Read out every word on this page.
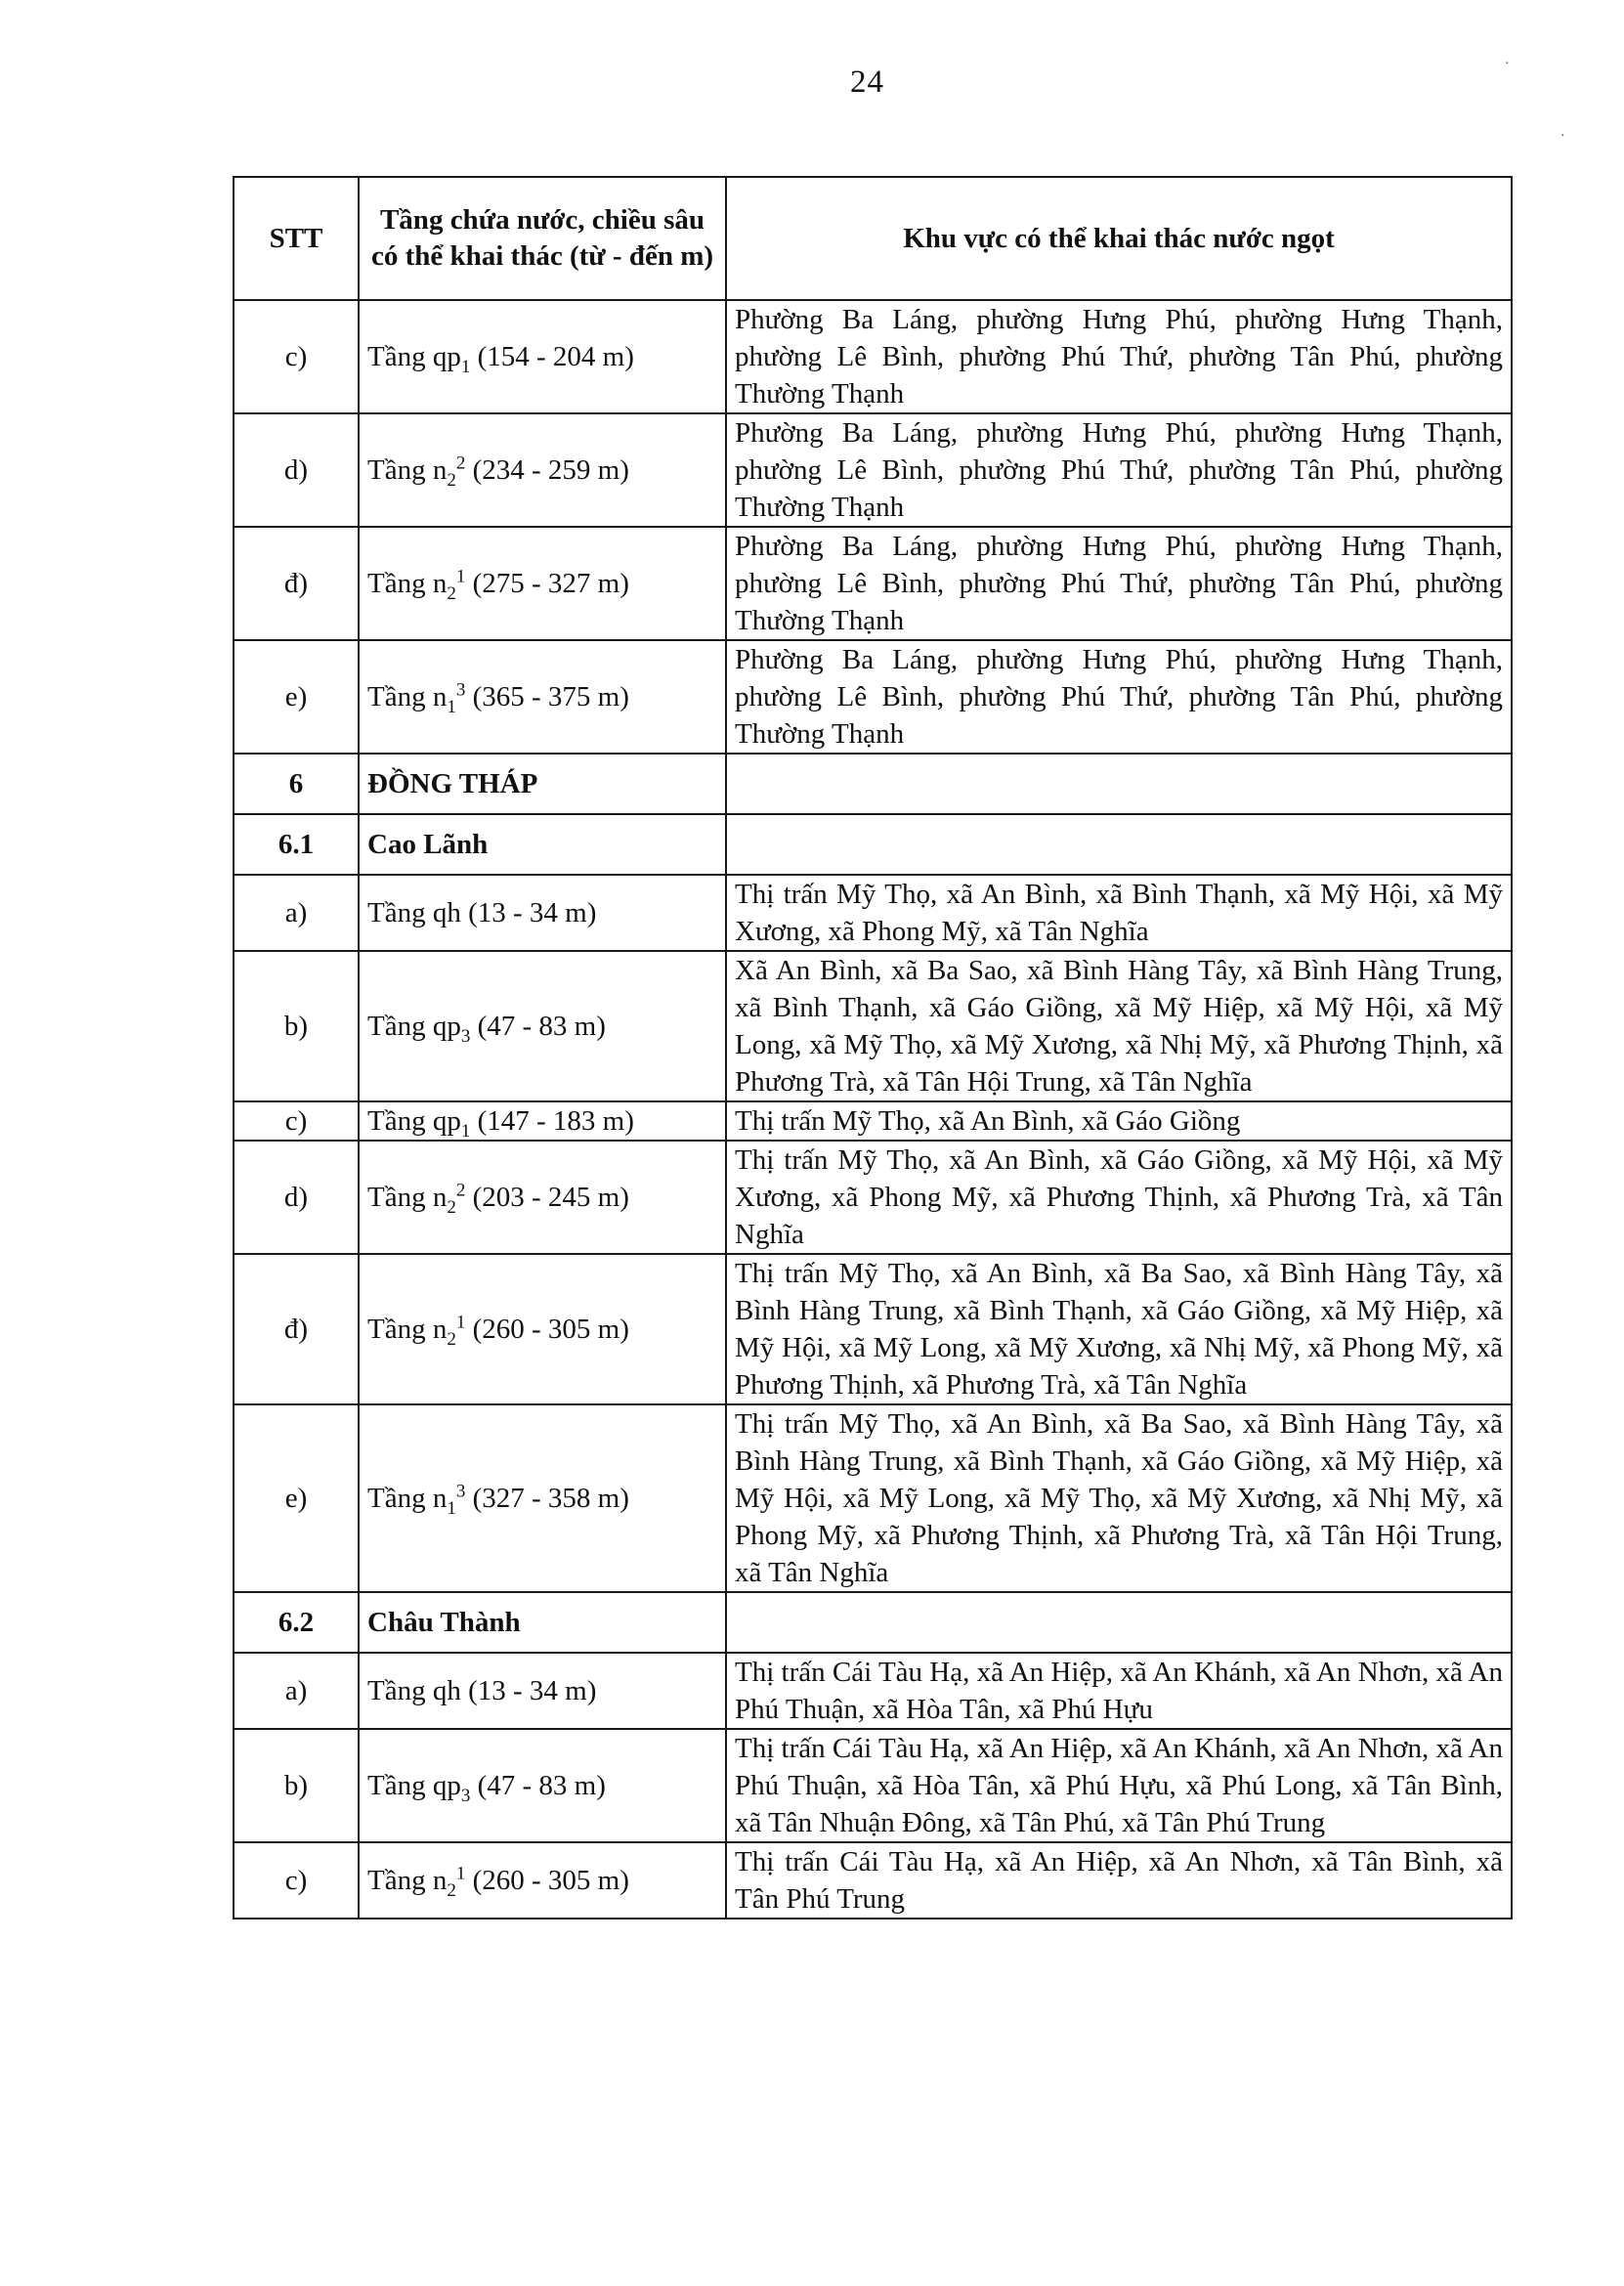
24
·
·
STT	Tầng chứa nước, chiều sâu có thể khai thác (từ - đến m)	Khu vực có thể khai thác nước ngọt
c)	Tầng $qp_1$ (154 - 204 m)	Phường Ba Láng, phường Hưng Phú, phường Hưng Thạnh, phường Lê Bình, phường Phú Thứ, phường Tân Phú, phường Thường Thạnh
d)	Tầng $n_2^2$ (234 - 259 m)	Phường Ba Láng, phường Hưng Phú, phường Hưng Thạnh, phường Lê Bình, phường Phú Thứ, phường Tân Phú, phường Thường Thạnh
đ)	Tầng $n_2^1$ (275 - 327 m)	Phường Ba Láng, phường Hưng Phú, phường Hưng Thạnh, phường Lê Bình, phường Phú Thứ, phường Tân Phú, phường Thường Thạnh
e)	Tầng $n_1^3$ (365 - 375 m)	Phường Ba Láng, phường Hưng Phú, phường Hưng Thạnh, phường Lê Bình, phường Phú Thứ, phường Tân Phú, phường Thường Thạnh
6	ĐỒNG THÁP	
6.1	Cao Lãnh	
a)	Tầng qh (13 - 34 m)	Thị trấn Mỹ Thọ, xã An Bình, xã Bình Thạnh, xã Mỹ Hội, xã Mỹ Xương, xã Phong Mỹ, xã Tân Nghĩa
b)	Tầng $qp_3$ (47 - 83 m)	Xã An Bình, xã Ba Sao, xã Bình Hàng Tây, xã Bình Hàng Trung, xã Bình Thạnh, xã Gáo Giồng, xã Mỹ Hiệp, xã Mỹ Hội, xã Mỹ Long, xã Mỹ Thọ, xã Mỹ Xương, xã Nhị Mỹ, xã Phương Thịnh, xã Phương Trà, xã Tân Hội Trung, xã Tân Nghĩa
c)	Tầng $qp_1$ (147 - 183 m)	Thị trấn Mỹ Thọ, xã An Bình, xã Gáo Giồng
d)	Tầng $n_2^2$ (203 - 245 m)	Thị trấn Mỹ Thọ, xã An Bình, xã Gáo Giồng, xã Mỹ Hội, xã Mỹ Xương, xã Phong Mỹ, xã Phương Thịnh, xã Phương Trà, xã Tân Nghĩa
đ)	Tầng $n_2^1$ (260 - 305 m)	Thị trấn Mỹ Thọ, xã An Bình, xã Ba Sao, xã Bình Hàng Tây, xã Bình Hàng Trung, xã Bình Thạnh, xã Gáo Giồng, xã Mỹ Hiệp, xã Mỹ Hội, xã Mỹ Long, xã Mỹ Xương, xã Nhị Mỹ, xã Phong Mỹ, xã Phương Thịnh, xã Phương Trà, xã Tân Nghĩa
e)	Tầng $n_1^3$ (327 - 358 m)	Thị trấn Mỹ Thọ, xã An Bình, xã Ba Sao, xã Bình Hàng Tây, xã Bình Hàng Trung, xã Bình Thạnh, xã Gáo Giồng, xã Mỹ Hiệp, xã Mỹ Hội, xã Mỹ Long, xã Mỹ Thọ, xã Mỹ Xương, xã Nhị Mỹ, xã Phong Mỹ, xã Phương Thịnh, xã Phương Trà, xã Tân Hội Trung, xã Tân Nghĩa
6.2	Châu Thành	
a)	Tầng qh (13 - 34 m)	Thị trấn Cái Tàu Hạ, xã An Hiệp, xã An Khánh, xã An Nhơn, xã An Phú Thuận, xã Hòa Tân, xã Phú Hựu
b)	Tầng $qp_3$ (47 - 83 m)	Thị trấn Cái Tàu Hạ, xã An Hiệp, xã An Khánh, xã An Nhơn, xã An Phú Thuận, xã Hòa Tân, xã Phú Hựu, xã Phú Long, xã Tân Bình, xã Tân Nhuận Đông, xã Tân Phú, xã Tân Phú Trung
c)	Tầng $n_2^1$ (260 - 305 m)	Thị trấn Cái Tàu Hạ, xã An Hiệp, xã An Nhơn, xã Tân Bình, xã Tân Phú Trung
